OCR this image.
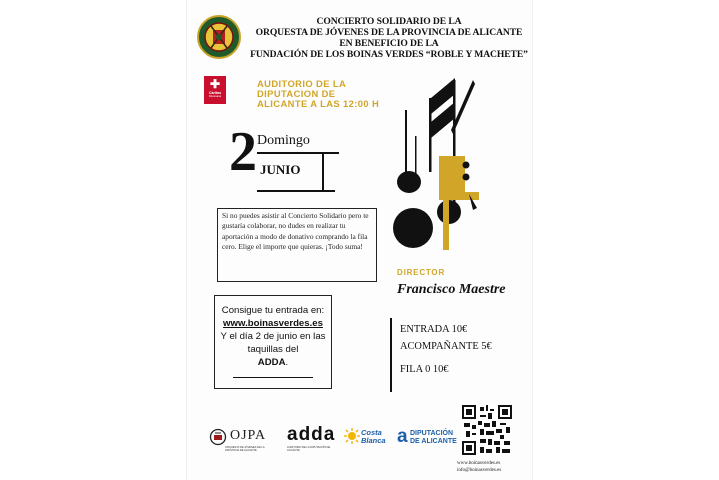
CONCIERTO SOLIDARIO DE LA
ORQUESTA DE JÓVENES DE LA PROVINCIA DE ALICANTE
EN BENEFICIO DE LA
FUNDACIÓN DE LOS BOINAS VERDES “ROBLE Y MACHETE”
✚
Cáritas
Diocesana
AUDITORIO DE LA
DIPUTACION DE
ALICANTE A LAS 12:00 H
2 Domingo
JUNIO
Si no puedes asistir al Concierto Solidario pero te gustaría colaborar, no dudes en realizar tu aportación a modo de donativo comprando la fila cero. Elige el importe que quieras. ¡Todo suma!
Consigue tu entrada en:
www.boinasverdes.es
Y el día 2 de junio en las taquillas del
ADDA.
DIRECTOR
Francisco Maestre
ENTRADA 10€
ACOMPAÑANTE 5€
FILA 0 10€
www.boinasverdes.es
info@boinasverdes.es
OJPA
ORQUESTA DE JÓVENES DE LA PROVINCIA DE ALICANTE
adda
AUDITORIO DE LA DIPUTACIÓN DE ALICANTE
Costa
Blanca a DIPUTACIÓN
DE ALICANTE
